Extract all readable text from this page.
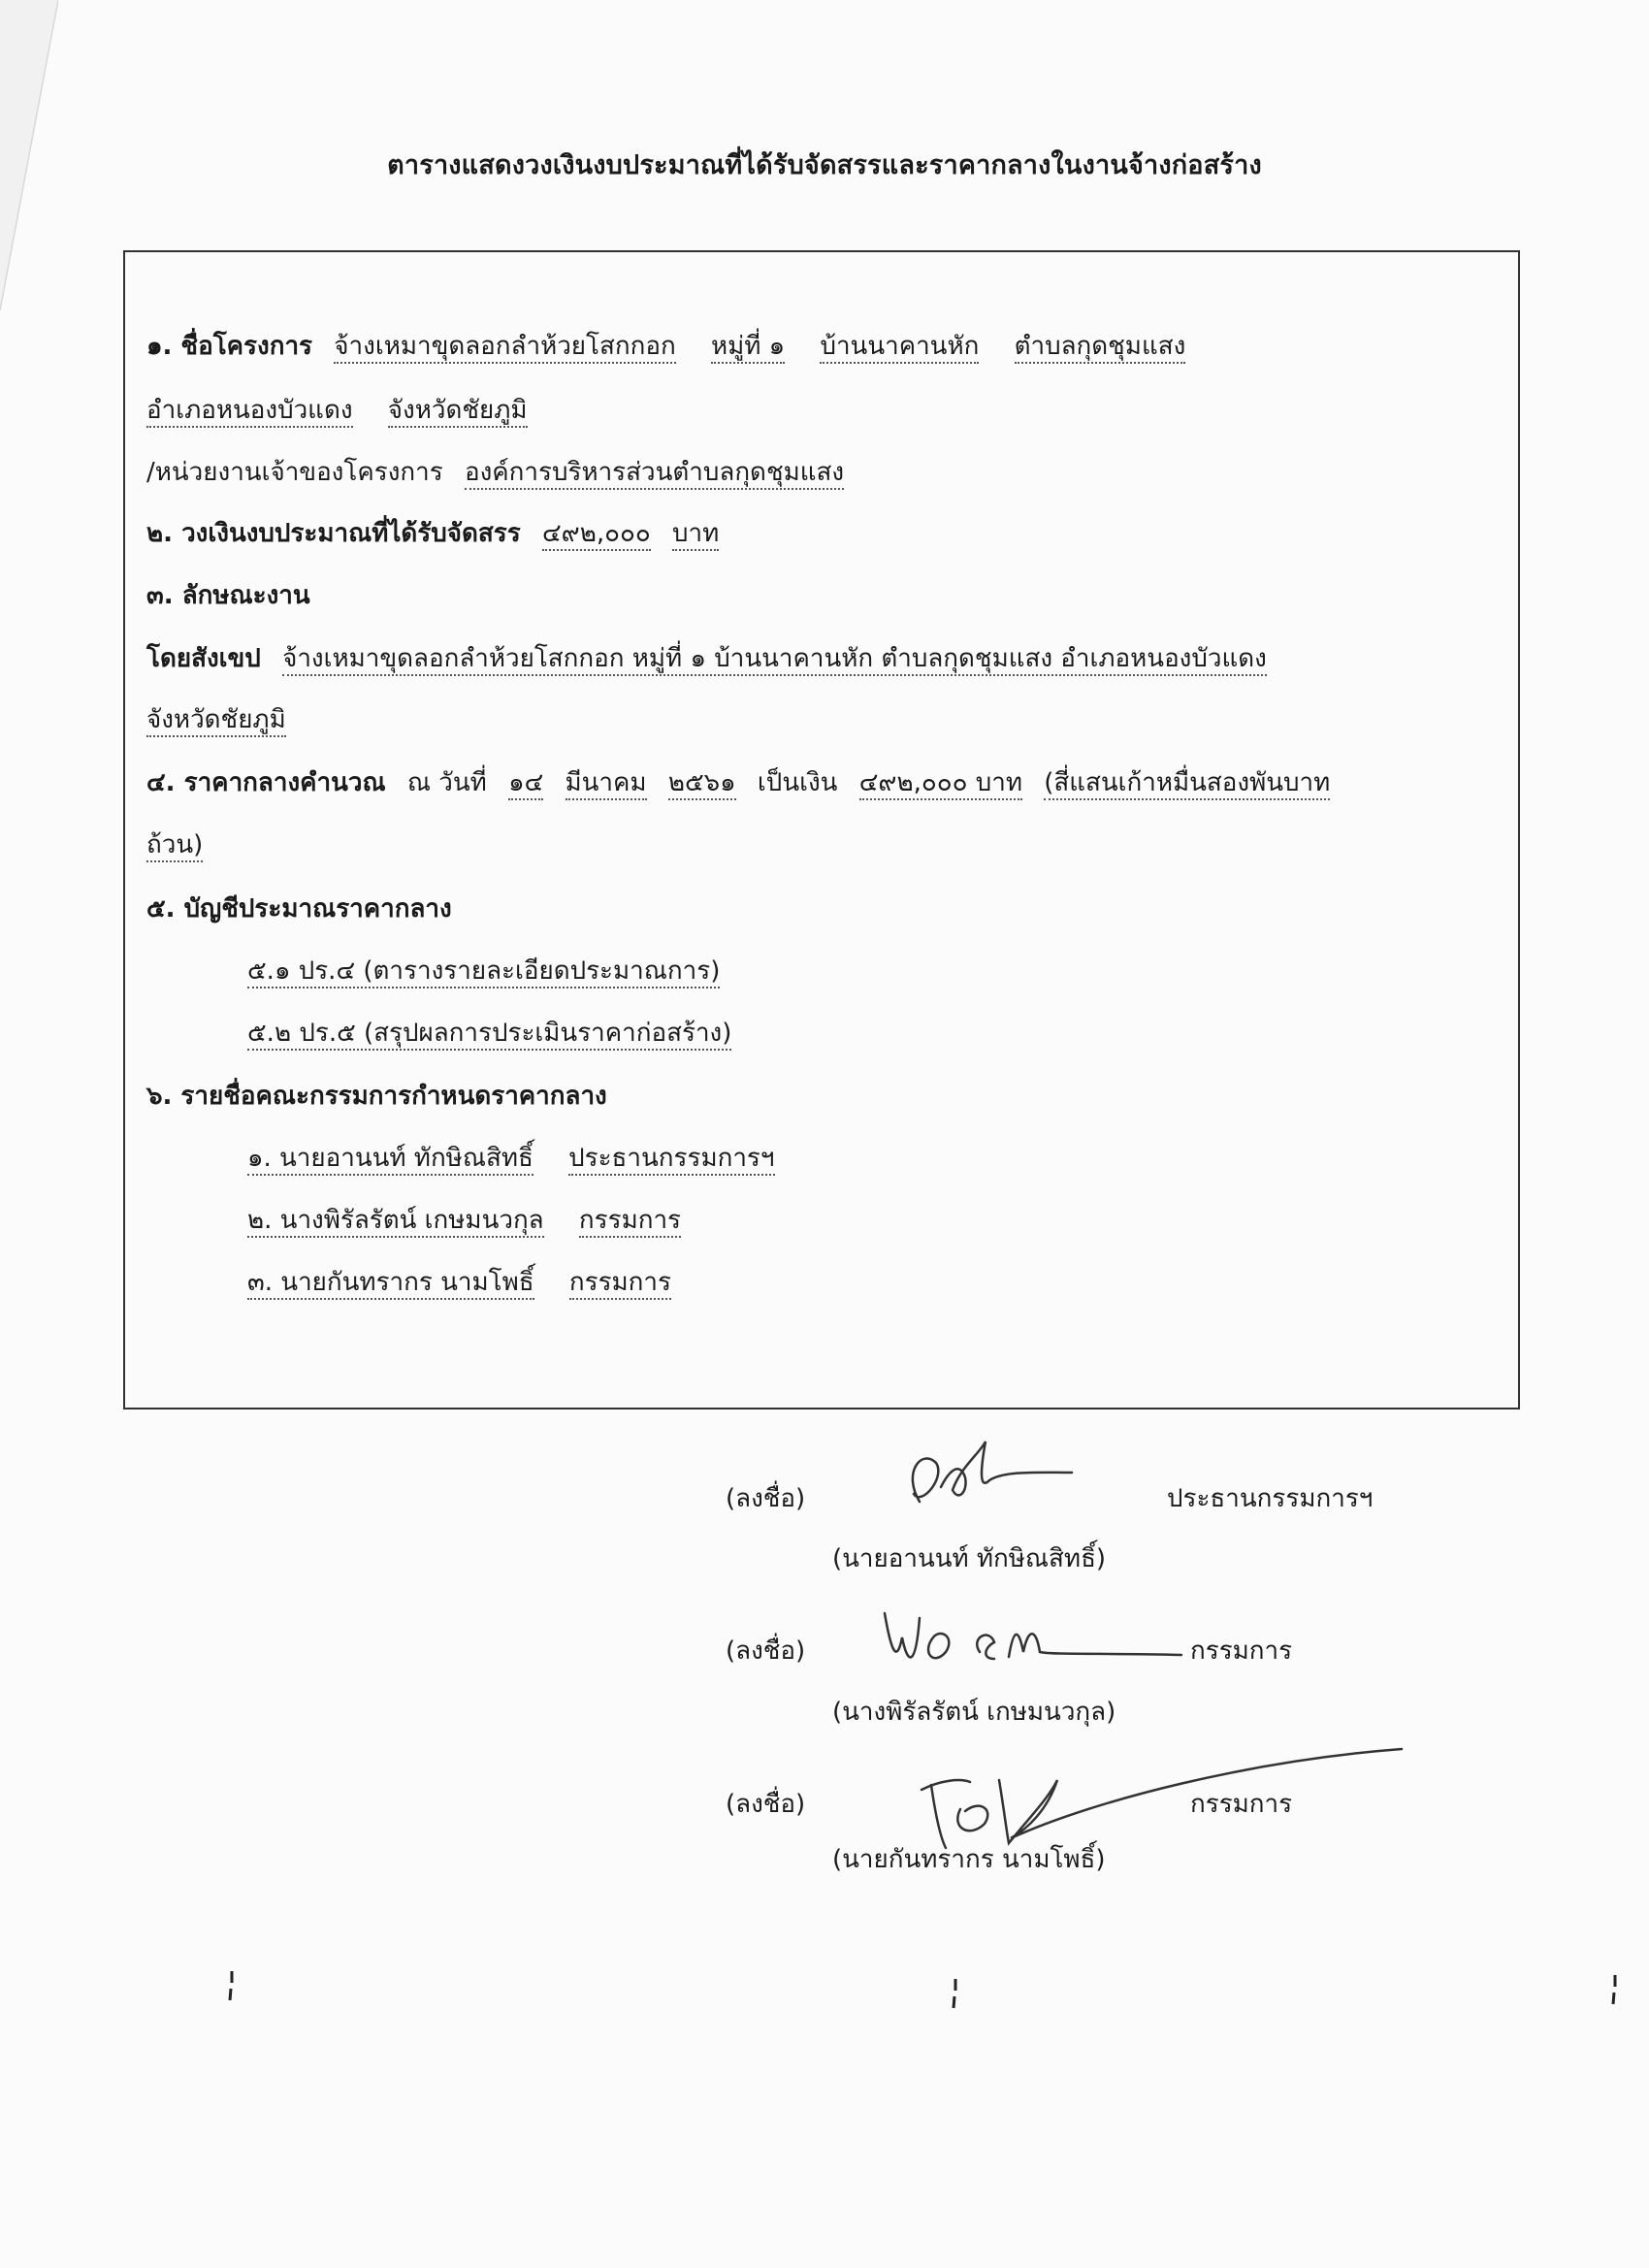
ตารางแสดงวงเงินงบประมาณที่ได้รับจัดสรรและราคากลางในงานจ้างก่อสร้าง
๑. ชื่อโครงการ จ้างเหมาขุดลอกลำห้วยโสกกอก หมู่ที่ ๑ บ้านนาคานหัก ตำบลกุดชุมแสง
อำเภอหนองบัวแดง จังหวัดชัยภูมิ
/หน่วยงานเจ้าของโครงการ องค์การบริหารส่วนตำบลกุดชุมแสง
๒. วงเงินงบประมาณที่ได้รับจัดสรร ๔๙๒,๐๐๐ บาท
๓. ลักษณะงาน
โดยสังเขป จ้างเหมาขุดลอกลำห้วยโสกกอก หมู่ที่ ๑ บ้านนาคานหัก ตำบลกุดชุมแสง อำเภอหนองบัวแดง
จังหวัดชัยภูมิ
๔. ราคากลางคำนวณ ณ วันที่ ๑๔ มีนาคม ๒๕๖๑ เป็นเงิน ๔๙๒,๐๐๐ บาท (สี่แสนเก้าหมื่นสองพันบาท
ถ้วน)
๕. บัญชีประมาณราคากลาง
๕.๑ ปร.๔ (ตารางรายละเอียดประมาณการ)
๕.๒ ปร.๕ (สรุปผลการประเมินราคาก่อสร้าง)
๖. รายชื่อคณะกรรมการกำหนดราคากลาง
๑. นายอานนท์ ทักษิณสิทธิ์ ประธานกรรมการฯ
๒. นางพิรัลรัตน์ เกษมนวกุล กรรมการ
๓. นายกันทรากร นามโพธิ์ กรรมการ
(ลงชื่อ)	ประธานกรรมการฯ
(นายอานนท์ ทักษิณสิทธิ์)
(ลงชื่อ)	กรรมการ
(นางพิรัลรัตน์ เกษมนวกุล)
(ลงชื่อ)	กรรมการ
(นายกันทรากร นามโพธิ์)
